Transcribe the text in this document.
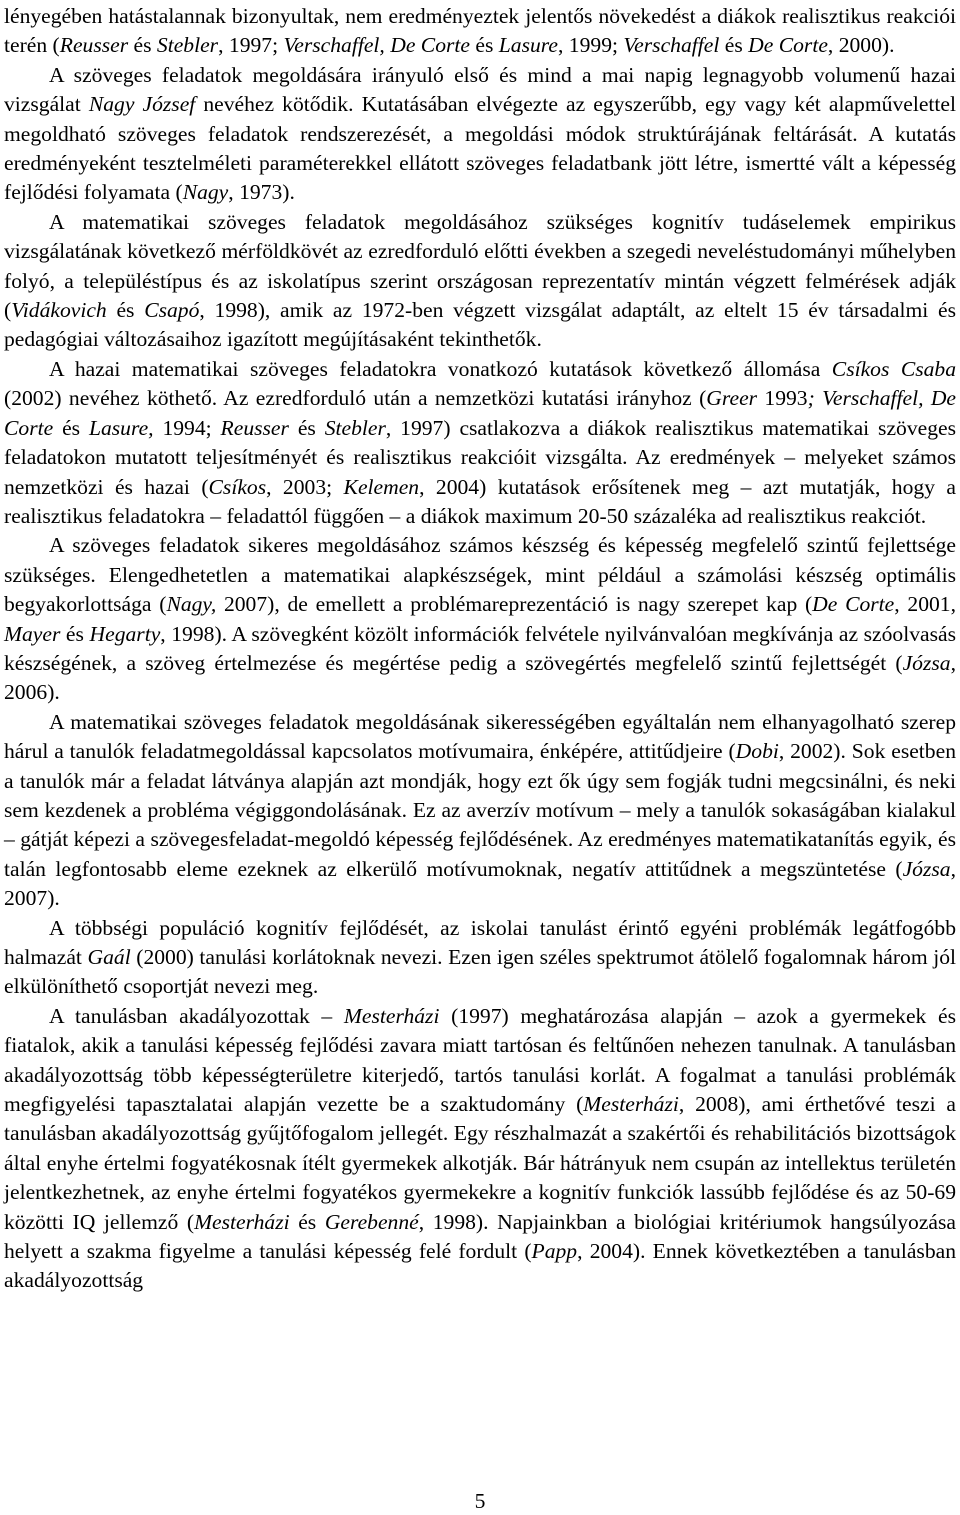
lényegében hatástalannak bizonyultak, nem eredményeztek jelentős növekedést a diákok realisztikus reakciói terén (Reusser és Stebler, 1997; Verschaffel, De Corte és Lasure, 1999; Verschaffel és De Corte, 2000).

A szöveges feladatok megoldására irányuló első és mind a mai napig legnagyobb volumenű hazai vizsgálat Nagy József nevéhez kötődik. Kutatásában elvégezte az egyszerűbb, egy vagy két alapművelettel megoldható szöveges feladatok rendszerezését, a megoldási módok struktúrájának feltárását. A kutatás eredményeként tesztelméleti paraméterekkel ellátott szöveges feladatbank jött létre, ismertté vált a képesség fejlődési folyamata (Nagy, 1973).

A matematikai szöveges feladatok megoldásához szükséges kognitív tudáselemek empirikus vizsgálatának következő mérföldkövét az ezredforduló előtti években a szegedi neveléstudományi műhelyben folyó, a településtípus és az iskolatípus szerint országosan reprezentatív mintán végzett felmérések adják (Vidákovich és Csapó, 1998), amik az 1972-ben végzett vizsgálat adaptált, az eltelt 15 év társadalmi és pedagógiai változásaihoz igazított megújításaként tekinthetők.

A hazai matematikai szöveges feladatokra vonatkozó kutatások következő állomása Csíkos Csaba (2002) nevéhez köthető. Az ezredforduló után a nemzetközi kutatási irányhoz (Greer 1993; Verschaffel, De Corte és Lasure, 1994; Reusser és Stebler, 1997) csatlakozva a diákok realisztikus matematikai szöveges feladatokon mutatott teljesítményét és realisztikus reakcióit vizsgálta. Az eredmények – melyeket számos nemzetközi és hazai (Csíkos, 2003; Kelemen, 2004) kutatások erősítenek meg – azt mutatják, hogy a realisztikus feladatokra – feladattól függően – a diákok maximum 20-50 százaléka ad realisztikus reakciót.

A szöveges feladatok sikeres megoldásához számos készség és képesség megfelelő szintű fejlettsége szükséges. Elengedhetetlen a matematikai alapkészségek, mint például a számolási készség optimális begyakorlottsága (Nagy, 2007), de emellett a problémareprezentáció is nagy szerepet kap (De Corte, 2001, Mayer és Hegarty, 1998). A szövegként közölt információk felvétele nyilvánvalóan megkívánja az szóolvasás készségének, a szöveg értelmezése és megértése pedig a szövegértés megfelelő szintű fejlettségét (Józsa, 2006).

A matematikai szöveges feladatok megoldásának sikerességében egyáltalán nem elhanyagolható szerep hárul a tanulók feladatmegoldással kapcsolatos motívumaira, énképére, attitűdjeire (Dobi, 2002). Sok esetben a tanulók már a feladat látványa alapján azt mondják, hogy ezt ők úgy sem fogják tudni megcsinálni, és neki sem kezdenek a probléma végiggondolásának. Ez az averzív motívum – mely a tanulók sokaságában kialakul – gátját képezi a szövegesfeladat-megoldó képesség fejlődésének. Az eredményes matematikatanítás egyik, és talán legfontosabb eleme ezeknek az elkerülő motívumoknak, negatív attitűdnek a megszüntetése (Józsa, 2007).

A többségi populáció kognitív fejlődését, az iskolai tanulást érintő egyéni problémák legátfogóbb halmazát Gaál (2000) tanulási korlátoknak nevezi. Ezen igen széles spektrumot átölelő fogalomnak három jól elkülöníthető csoportját nevezi meg.

A tanulásban akadályozottak – Mesterházi (1997) meghatározása alapján – azok a gyermekek és fiatalok, akik a tanulási képesség fejlődési zavara miatt tartósan és feltűnően nehezen tanulnak. A tanulásban akadályozottság több képességterületre kiterjedő, tartós tanulási korlát. A fogalmat a tanulási problémák megfigyelési tapasztalatai alapján vezette be a szaktudomány (Mesterházi, 2008), ami érthetővé teszi a tanulásban akadályozottság gyűjtőfogalom jellegét. Egy részhalmazát a szakértői és rehabilitációs bizottságok által enyhe értelmi fogyatékosnak ítélt gyermekek alkotják. Bár hátrányuk nem csupán az intellektus területén jelentkezhetnek, az enyhe értelmi fogyatékos gyermekekre a kognitív funkciók lassúbb fejlődése és az 50-69 közötti IQ jellemző (Mesterházi és Gerebenné, 1998). Napjainkban a biológiai kritériumok hangsúlyozása helyett a szakma figyelme a tanulási képesség felé fordult (Papp, 2004). Ennek következtében a tanulásban akadályozottság

5
